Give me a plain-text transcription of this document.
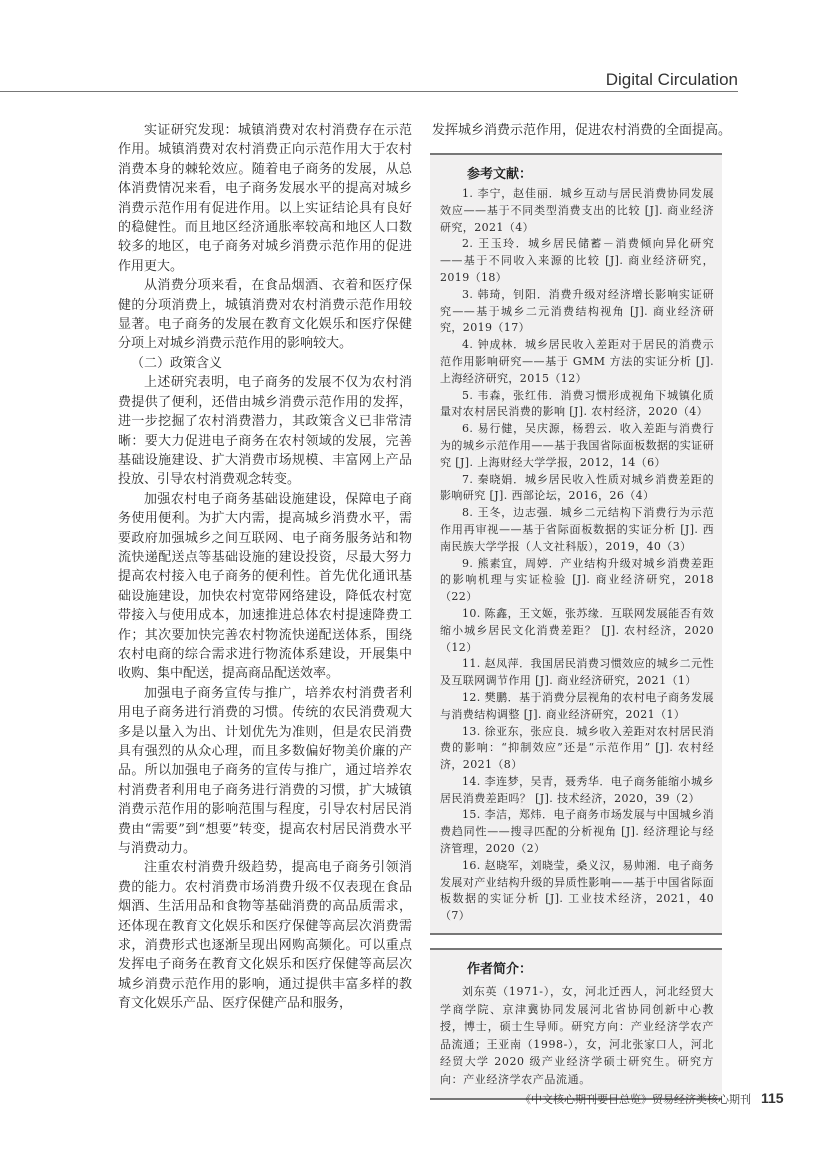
Digital Circulation

实证研究发现：城镇消费对农村消费存在示范作用。城镇消费对农村消费正向示范作用大于农村消费本身的棘轮效应。随着电子商务的发展，从总体消费情况来看，电子商务发展水平的提高对城乡消费示范作用有促进作用。以上实证结论具有良好的稳健性。而且地区经济通胀率较高和地区人口数较多的地区，电子商务对城乡消费示范作用的促进作用更大。

从消费分项来看，在食品烟酒、衣着和医疗保健的分项消费上，城镇消费对农村消费示范作用较显著。电子商务的发展在教育文化娱乐和医疗保健分项上对城乡消费示范作用的影响较大。

（二）政策含义

上述研究表明，电子商务的发展不仅为农村消费提供了便利，还借由城乡消费示范作用的发挥，进一步挖掘了农村消费潜力，其政策含义已非常清晰：要大力促进电子商务在农村领域的发展，完善基础设施建设、扩大消费市场规模、丰富网上产品投放、引导农村消费观念转变。

加强农村电子商务基础设施建设，保障电子商务使用便利。为扩大内需，提高城乡消费水平，需要政府加强城乡之间互联网、电子商务服务站和物流快递配送点等基础设施的建设投资，尽最大努力提高农村接入电子商务的便利性。首先优化通讯基础设施建设，加快农村宽带网络建设，降低农村宽带接入与使用成本，加速推进总体农村提速降费工作；其次要加快完善农村物流快递配送体系，围绕农村电商的综合需求进行物流体系建设，开展集中收购、集中配送，提高商品配送效率。

加强电子商务宣传与推广，培养农村消费者利用电子商务进行消费的习惯。传统的农民消费观大多是以量入为出、计划优先为准则，但是农民消费具有强烈的从众心理，而且多数偏好物美价廉的产品。所以加强电子商务的宣传与推广，通过培养农村消费者利用电子商务进行消费的习惯，扩大城镇消费示范作用的影响范围与程度，引导农村居民消费由“需要”到“想要”转变，提高农村居民消费水平与消费动力。

注重农村消费升级趋势，提高电子商务引领消费的能力。农村消费市场消费升级不仅表现在食品烟酒、生活用品和食物等基础消费的高品质需求，还体现在教育文化娱乐和医疗保健等高层次消费需求，消费形式也逐渐呈现出网购高频化。可以重点发挥电子商务在教育文化娱乐和医疗保健等高层次城乡消费示范作用的影响，通过提供丰富多样的教育文化娱乐产品、医疗保健产品和服务，

发挥城乡消费示范作用，促进农村消费的全面提高。
参考文献：

1. 李宁，赵佳丽．城乡互动与居民消费协同发展效应——基于不同类型消费支出的比较 [J]. 商业经济研究，2021（4）

2. 王玉玲．城乡居民储蓄－消费倾向异化研究——基于不同收入来源的比较 [J]. 商业经济研究，2019（18）

3. 韩琦，钊阳．消费升级对经济增长影响实证研究——基于城乡二元消费结构视角 [J]. 商业经济研究，2019（17）

4. 钟成林．城乡居民收入差距对于居民的消费示范作用影响研究——基于 GMM 方法的实证分析 [J]. 上海经济研究，2015（12）

5. 韦森，张红伟．消费习惯形成视角下城镇化质量对农村居民消费的影响 [J]. 农村经济，2020（4）

6. 易行健，吴庆源，杨碧云．收入差距与消费行为的城乡示范作用——基于我国省际面板数据的实证研究 [J]. 上海财经大学学报，2012，14（6）

7. 秦晓娟．城乡居民收入性质对城乡消费差距的影响研究 [J]. 西部论坛，2016，26（4）

8. 王冬，边志强．城乡二元结构下消费行为示范作用再审视——基于省际面板数据的实证分析 [J]. 西南民族大学学报（人文社科版），2019，40（3）

9. 熊素宜，周婷．产业结构升级对城乡消费差距的影响机理与实证检验 [J]. 商业经济研究，2018（22）

10. 陈鑫，王文姬，张苏缘．互联网发展能否有效缩小城乡居民文化消费差距？ [J]. 农村经济，2020（12）

11. 赵凤萍．我国居民消费习惯效应的城乡二元性及互联网调节作用 [J]. 商业经济研究，2021（1）

12. 樊鹏．基于消费分层视角的农村电子商务发展与消费结构调整 [J]. 商业经济研究，2021（1）

13. 徐亚东，张应良．城乡收入差距对农村居民消费的影响：“抑制效应”还是“示范作用” [J]. 农村经济，2021（8）

14. 李连梦，吴青，聂秀华．电子商务能缩小城乡居民消费差距吗？ [J]. 技术经济，2020，39（2）

15. 李洁，郑炜．电子商务市场发展与中国城乡消费趋同性——搜寻匹配的分析视角 [J]. 经济理论与经济管理，2020（2）

16. 赵晓军，刘晓莹，桑义汉，易帅湘．电子商务发展对产业结构升级的异质性影响——基于中国省际面板数据的实证分析 [J]. 工业技术经济，2021，40（7）

作者简介：

刘东英（1971-），女，河北迁西人，河北经贸大学商学院、京津冀协同发展河北省协同创新中心教授，博士，硕士生导师。研究方向：产业经济学农产品流通；王亚南（1998-），女，河北张家口人，河北经贸大学 2020 级产业经济学硕士研究生。研究方向：产业经济学农产品流通。

《中文核心期刊要目总览》贸易经济类核心期刊 115
